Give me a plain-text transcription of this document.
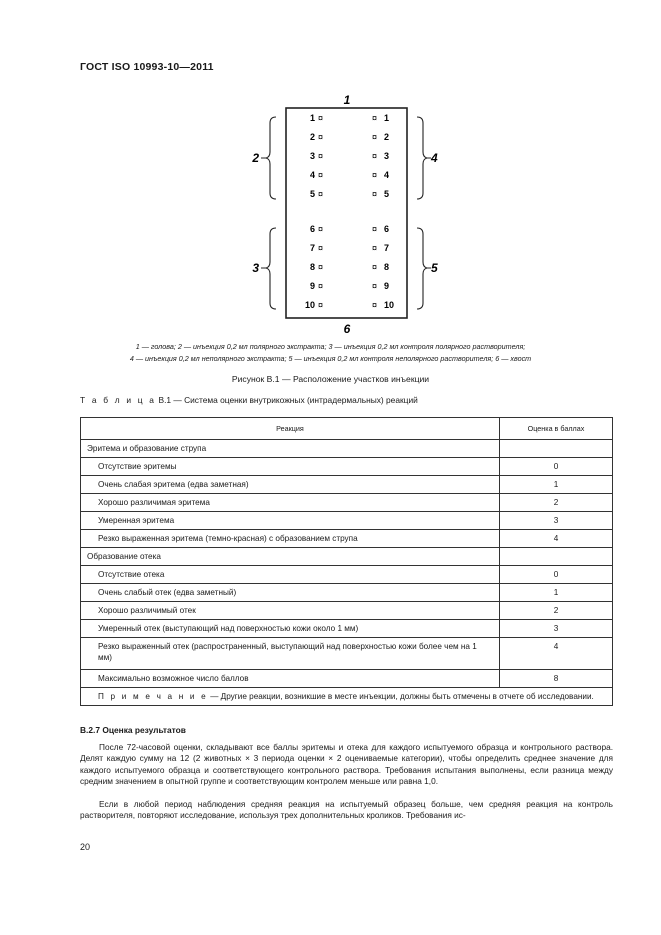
ГОСТ ISO 10993-10—2011
1
2
3
4
5
6
1 ¤	¤ 1
2 ¤	¤ 2
3 ¤	¤ 3
4 ¤	¤ 4
5 ¤	¤ 5
6 ¤	¤ 6
7 ¤	¤ 7
8 ¤	¤ 8
9 ¤	¤ 9
10 ¤	¤ 10
1 — голова; 2 — инъекция 0,2 мл полярного экстракта; 3 — инъекция 0,2 мл контроля полярного растворителя;
4 — инъекция 0,2 мл неполярного экстракта; 5 — инъекция 0,2 мл контроля неполярного растворителя; 6 — хвост
Рисунок B.1 — Расположение участков инъекции
Т а б л и ц а B.1 — Система оценки внутрикожных (интрадермальных) реакций
Реакция	Оценка в баллах
Эритема и образование струпа	
Отсутствие эритемы	0
Очень слабая эритема (едва заметная)	1
Хорошо различимая эритема	2
Умеренная эритема	3
Резко выраженная эритема (темно-красная) с образованием струпа	4
Образование отека	
Отсутствие отека	0
Очень слабый отек (едва заметный)	1
Хорошо различимый отек	2
Умеренный отек (выступающий над поверхностью кожи около 1 мм)	3
Резко выраженный отек (распространенный, выступающий над поверхностью кожи более чем на 1 мм)	4
Максимально возможное число баллов	8
П р и м е ч а н и е — Другие реакции, возникшие в месте инъекции, должны быть отмечены в отчете об исследовании.	
В.2.7 Оценка результатов
После 72-часовой оценки, складывают все баллы эритемы и отека для каждого испытуемого образца и контрольного раствора. Делят каждую сумму на 12 (2 животных × 3 периода оценки × 2 оцениваемые категории), чтобы определить среднее значение для каждого испытуемого образца и соответствующего контрольного раствора. Требования испытания выполнены, если разница между средним значением в опытной группе и соответствующим контролем меньше или равна 1,0.
Если в любой период наблюдения средняя реакция на испытуемый образец больше, чем средняя реакция на контроль растворителя, повторяют исследование, используя трех дополнительных кроликов. Требования ис-
20
